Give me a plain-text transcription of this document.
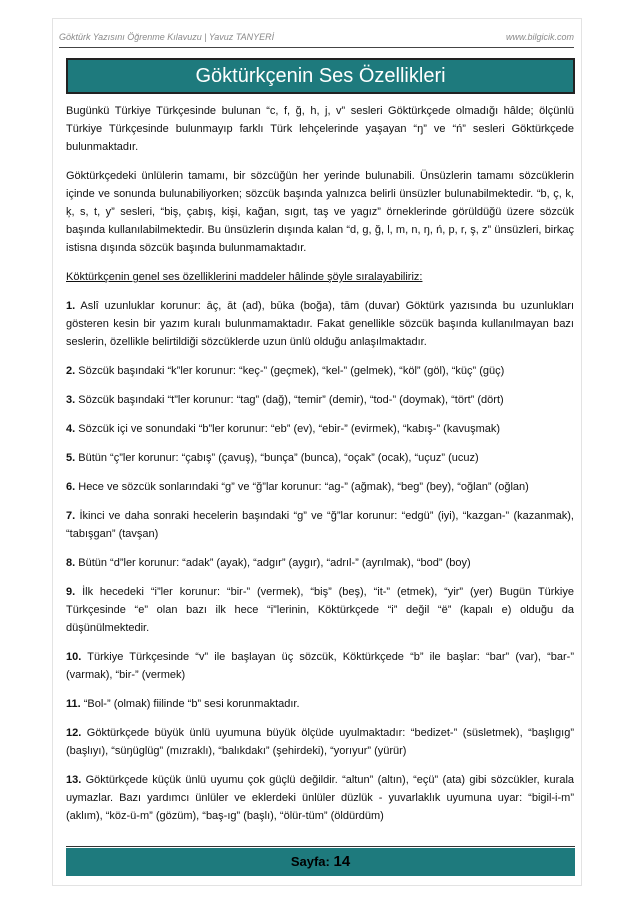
Göktürk Yazısını Öğrenme Kılavuzu | Yavuz TANYERİ	www.bilgicik.com
Göktürkçenin Ses Özellikleri

Bugünkü Türkiye Türkçesinde bulunan “c, f, ğ, h, j, v” sesleri Göktürkçede olmadığı hâlde; ölçünlü Türkiye Türkçesinde bulunmayıp farklı Türk lehçelerinde yaşayan “ŋ” ve “ń” sesleri Göktürkçede bulunmaktadır.

Göktürkçedeki ünlülerin tamamı, bir sözcüğün her yerinde bulunabili. Ünsüzlerin tamamı sözcüklerin içinde ve sonunda bulunabiliyorken; sözcük başında yalnızca belirli ünsüzler bulunabilmektedir. “b, ç, k, ķ, s, t, y” sesleri, “biş, çabış, kişi, kağan, sıgıt, taş ve yagız” örneklerinde görüldüğü üzere sözcük başında kullanılabilmektedir. Bu ünsüzlerin dışında kalan “d, g, ğ, l, m, n, ŋ, ń, p, r, ş, z” ünsüzleri, birkaç istisna dışında sözcük başında bulunmamaktadır.

Köktürkçenin genel ses özelliklerini maddeler hâlinde şöyle sıralayabiliriz:

1. Aslî uzunluklar korunur: āç, āt (ad), būka (boğa), tām (duvar) Göktürk yazısında bu uzunlukları gösteren kesin bir yazım kuralı bulunmamaktadır. Fakat genellikle sözcük başında kullanılmayan bazı seslerin, özellikle belirtildiği sözcüklerde uzun ünlü olduğu anlaşılmaktadır.

2. Sözcük başındaki “k”ler korunur: “keç-” (geçmek), “kel-” (gelmek), “köl” (göl), “küç” (güç)

3. Sözcük başındaki “t”ler korunur: “tag” (dağ), “temir” (demir), “tod-” (doymak), “tört” (dört)

4. Sözcük içi ve sonundaki “b”ler korunur: “eb” (ev), “ebir-” (evirmek), “kabış-” (kavuşmak)

5. Bütün “ç”ler korunur: “çabış” (çavuş), “bunça” (bunca), “oçak” (ocak), “uçuz” (ucuz)

6. Hece ve sözcük sonlarındaki “g” ve “ğ”lar korunur: “ag-” (ağmak), “beg” (bey), “oğlan” (oğlan)

7. İkinci ve daha sonraki hecelerin başındaki “g” ve “ğ”lar korunur: “edgü” (iyi), “kazgan-” (kazanmak), “tabışgan” (tavşan)

8. Bütün “d”ler korunur: “adak” (ayak), “adgır” (aygır), “adrıl-” (ayrılmak), “bod” (boy)

9. İlk hecedeki “i”ler korunur: “bir-” (vermek), “biş” (beş), “it-” (etmek), “yir” (yer) Bugün Türkiye Türkçesinde “e” olan bazı ilk hece “i”lerinin, Köktürkçede “i” değil “ë” (kapalı e) olduğu da düşünülmektedir.

10. Türkiye Türkçesinde “v” ile başlayan üç sözcük, Köktürkçede “b” ile başlar: “bar” (var), “bar-” (varmak), “bir-” (vermek)

11. “Bol-” (olmak) fiilinde “b” sesi korunmaktadır.

12. Göktürkçede büyük ünlü uyumuna büyük ölçüde uyulmaktadır: “bedizet-” (süsletmek), “başlıgıg” (başlıyı), “süŋüglüg” (mızraklı), “balıkdakı” (şehirdeki), “yorıyur” (yürür)

13. Göktürkçede küçük ünlü uyumu çok güçlü değildir. “altun” (altın), “eçü” (ata) gibi sözcükler, kurala uymazlar. Bazı yardımcı ünlüler ve eklerdeki ünlüler düzlük - yuvarlaklık uyumuna uyar: “bigil-i-m” (aklım), “köz-ü-m” (gözüm), “baş-ıg” (başlı), “ölür-tüm” (öldürdüm)

Sayfa: 14
